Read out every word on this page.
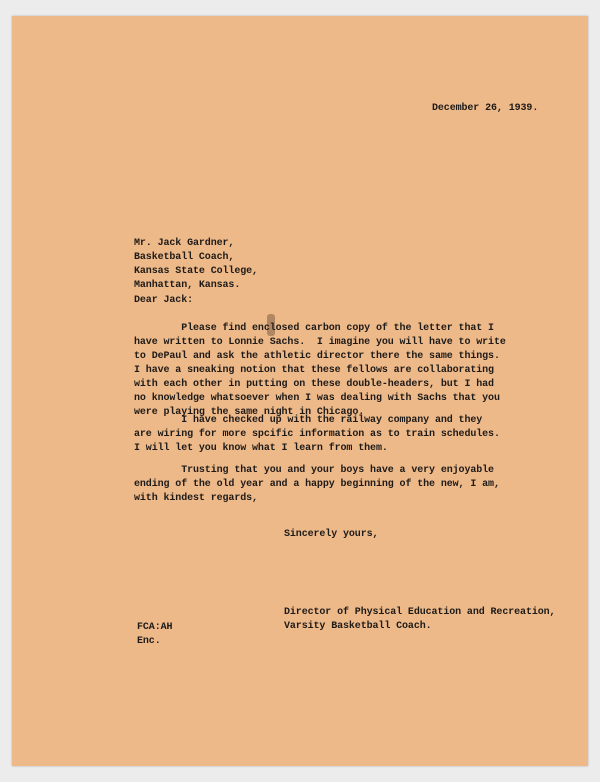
December 26, 1939.
Mr. Jack Gardner,
Basketball Coach,
Kansas State College,
Manhattan, Kansas.
Dear Jack:
Please find enclosed carbon copy of the letter that I
have written to Lonnie Sachs.  I imagine you will have to write
to DePaul and ask the athletic director there the same things.
I have a sneaking notion that these fellows are collaborating
with each other in putting on these double-headers, but I had
no knowledge whatsoever when I was dealing with Sachs that you
were playing the same night in Chicago.
I have checked up with the railway company and they
are wiring for more spcific information as to train schedules.
I will let you know what I learn from them.
Trusting that you and your boys have a very enjoyable
ending of the old year and a happy beginning of the new, I am,
with kindest regards,
Sincerely yours,
Director of Physical Education and Recreation,
Varsity Basketball Coach.
FCA:AH
Enc.
